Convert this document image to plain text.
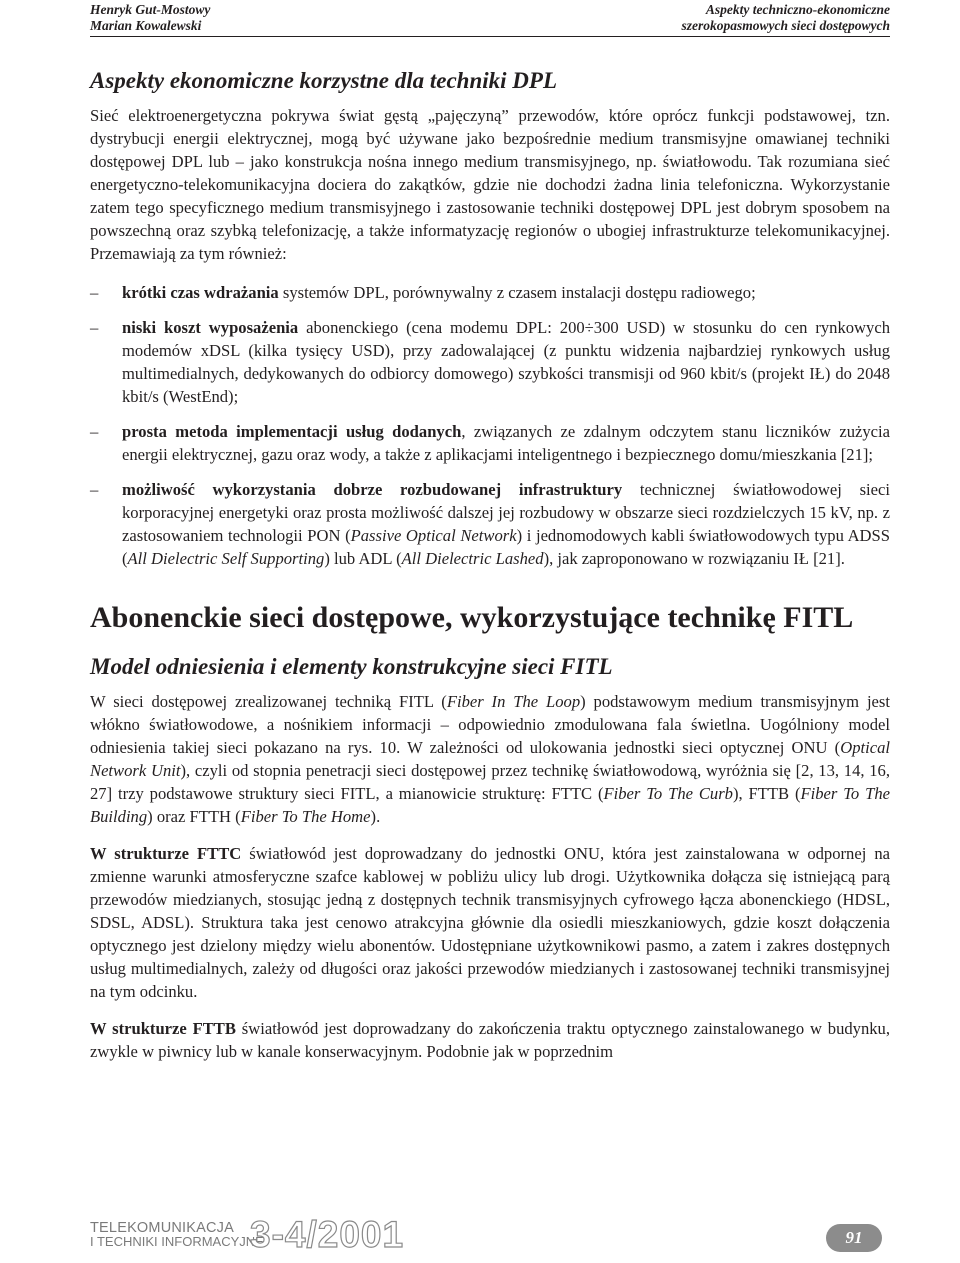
Henryk Gut-Mostowy
Marian Kowalewski
Aspekty techniczno-ekonomiczne
szerokopasmowych sieci dostępowych
Aspekty ekonomiczne korzystne dla techniki DPL

Sieć elektroenergetyczna pokrywa świat gęstą „pajęczyną” przewodów, które oprócz funkcji podstawowej, tzn. dystrybucji energii elektrycznej, mogą być używane jako bezpośrednie medium transmisyjne omawianej techniki dostępowej DPL lub – jako konstrukcja nośna innego medium transmisyjnego, np. światłowodu. Tak rozumiana sieć energetyczno-telekomunikacyjna dociera do zakątków, gdzie nie dochodzi żadna linia telefoniczna. Wykorzystanie zatem tego specyficznego medium transmisyjnego i zastosowanie techniki dostępowej DPL jest dobrym sposobem na powszechną oraz szybką telefonizację, a także informatyzację regionów o ubogiej infrastrukturze telekomunikacyjnej. Przemawiają za tym również:

– krótki czas wdrażania systemów DPL, porównywalny z czasem instalacji dostępu radiowego;
– niski koszt wyposażenia abonenckiego (cena modemu DPL: 200÷300 USD) w stosunku do cen rynkowych modemów xDSL (kilka tysięcy USD), przy zadowalającej (z punktu widzenia najbardziej rynkowych usług multimedialnych, dedykowanych do odbiorcy domowego) szybkości transmisji od 960 kbit/s (projekt IŁ) do 2048 kbit/s (WestEnd);
– prosta metoda implementacji usług dodanych, związanych ze zdalnym odczytem stanu liczników zużycia energii elektrycznej, gazu oraz wody, a także z aplikacjami inteligentnego i bezpiecznego domu/mieszkania [21];
– możliwość wykorzystania dobrze rozbudowanej infrastruktury technicznej światłowodowej sieci korporacyjnej energetyki oraz prosta możliwość dalszej jej rozbudowy w obszarze sieci rozdzielczych 15 kV, np. z zastosowaniem technologii PON (Passive Optical Network) i jednomodowych kabli światłowodowych typu ADSS (All Dielectric Self Supporting) lub ADL (All Dielectric Lashed), jak zaproponowano w rozwiązaniu IŁ [21].
Abonenckie sieci dostępowe, wykorzystujące technikę FITL
Model odniesienia i elementy konstrukcyjne sieci FITL

W sieci dostępowej zrealizowanej techniką FITL (Fiber In The Loop) podstawowym medium transmisyjnym jest włókno światłowodowe, a nośnikiem informacji – odpowiednio zmodulowana fala świetlna. Uogólniony model odniesienia takiej sieci pokazano na rys. 10. W zależności od ulokowania jednostki sieci optycznej ONU (Optical Network Unit), czyli od stopnia penetracji sieci dostępowej przez technikę światłowodową, wyróżnia się [2, 13, 14, 16, 27] trzy podstawowe struktury sieci FITL, a mianowicie strukturę: FTTC (Fiber To The Curb), FTTB (Fiber To The Building) oraz FTTH (Fiber To The Home).

W strukturze FTTC światłowód jest doprowadzany do jednostki ONU, która jest zainstalowana w odpornej na zmienne warunki atmosferyczne szafce kablowej w pobliżu ulicy lub drogi. Użytkownika dołącza się istniejącą parą przewodów miedzianych, stosując jedną z dostępnych technik transmisyjnych cyfrowego łącza abonenckiego (HDSL, SDSL, ADSL). Struktura taka jest cenowo atrakcyjna głównie dla osiedli mieszkaniowych, gdzie koszt dołączenia optycznego jest dzielony między wielu abonentów. Udostępniane użytkownikowi pasmo, a zatem i zakres dostępnych usług multimedialnych, zależy od długości oraz jakości przewodów miedzianych i zastosowanej techniki transmisyjnej na tym odcinku.

W strukturze FTTB światłowód jest doprowadzany do zakończenia traktu optycznego zainstalowanego w budynku, zwykle w piwnicy lub w kanale konserwacyjnym. Podobnie jak w poprzednim

TELEKOMUNIKACJA
I TECHNIKI INFORMACYJNE
3-4/2001	91
